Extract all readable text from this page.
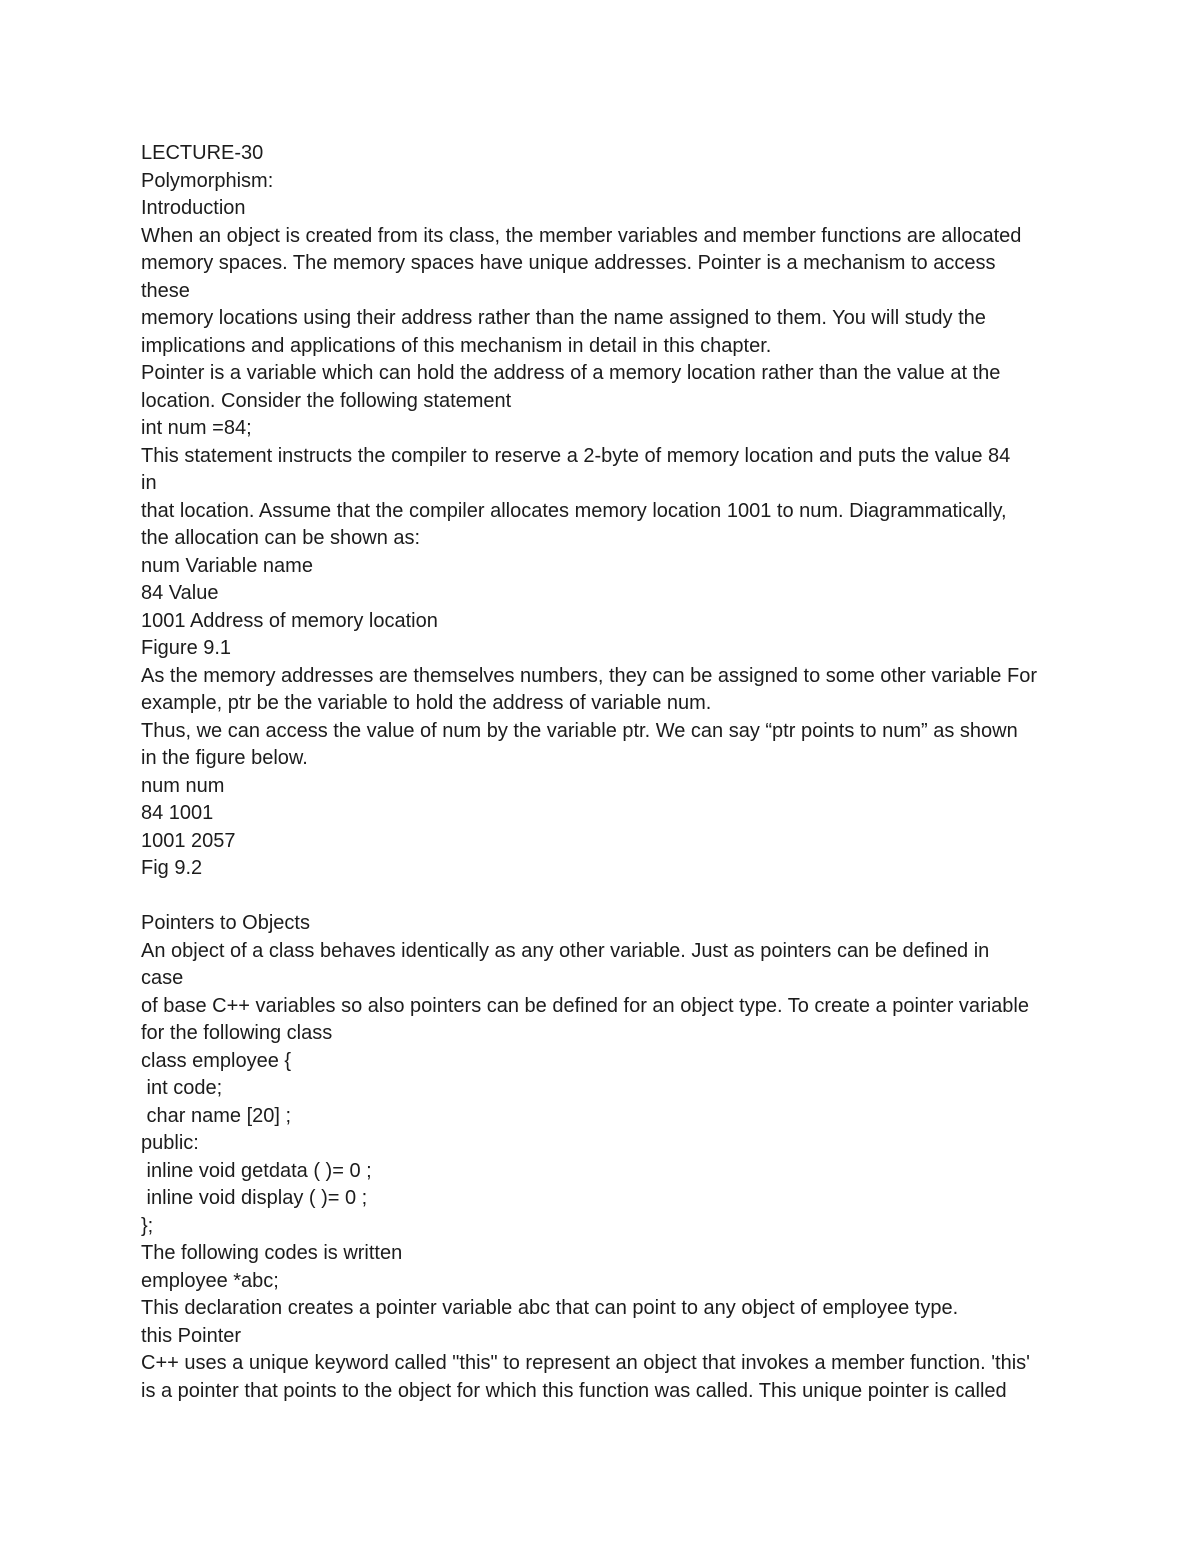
LECTURE-30
Polymorphism:
Introduction
When an object is created from its class, the member variables and member functions are allocated
memory spaces. The memory spaces have unique addresses. Pointer is a mechanism to access
these
memory locations using their address rather than the name assigned to them. You will study the
implications and applications of this mechanism in detail in this chapter.
Pointer is a variable which can hold the address of a memory location rather than the value at the
location. Consider the following statement
int num =84;
This statement instructs the compiler to reserve a 2-byte of memory location and puts the value 84
in
that location. Assume that the compiler allocates memory location 1001 to num. Diagrammatically,
the allocation can be shown as:
num Variable name
84 Value
1001 Address of memory location
Figure 9.1
As the memory addresses are themselves numbers, they can be assigned to some other variable For
example, ptr be the variable to hold the address of variable num.
Thus, we can access the value of num by the variable ptr. We can say “ptr points to num” as shown
in the figure below.
num num
84 1001
1001 2057
Fig 9.2
Pointers to Objects
An object of a class behaves identically as any other variable. Just as pointers can be defined in
case
of base C++ variables so also pointers can be defined for an object type. To create a pointer variable
for the following class
class employee {
int code;
char name [20] ;
public:
inline void getdata ( )= 0 ;
inline void display ( )= 0 ;
};
The following codes is written
employee *abc;
This declaration creates a pointer variable abc that can point to any object of employee type.
this Pointer
C++ uses a unique keyword called "this" to represent an object that invokes a member function. 'this'
is a pointer that points to the object for which this function was called. This unique pointer is called
